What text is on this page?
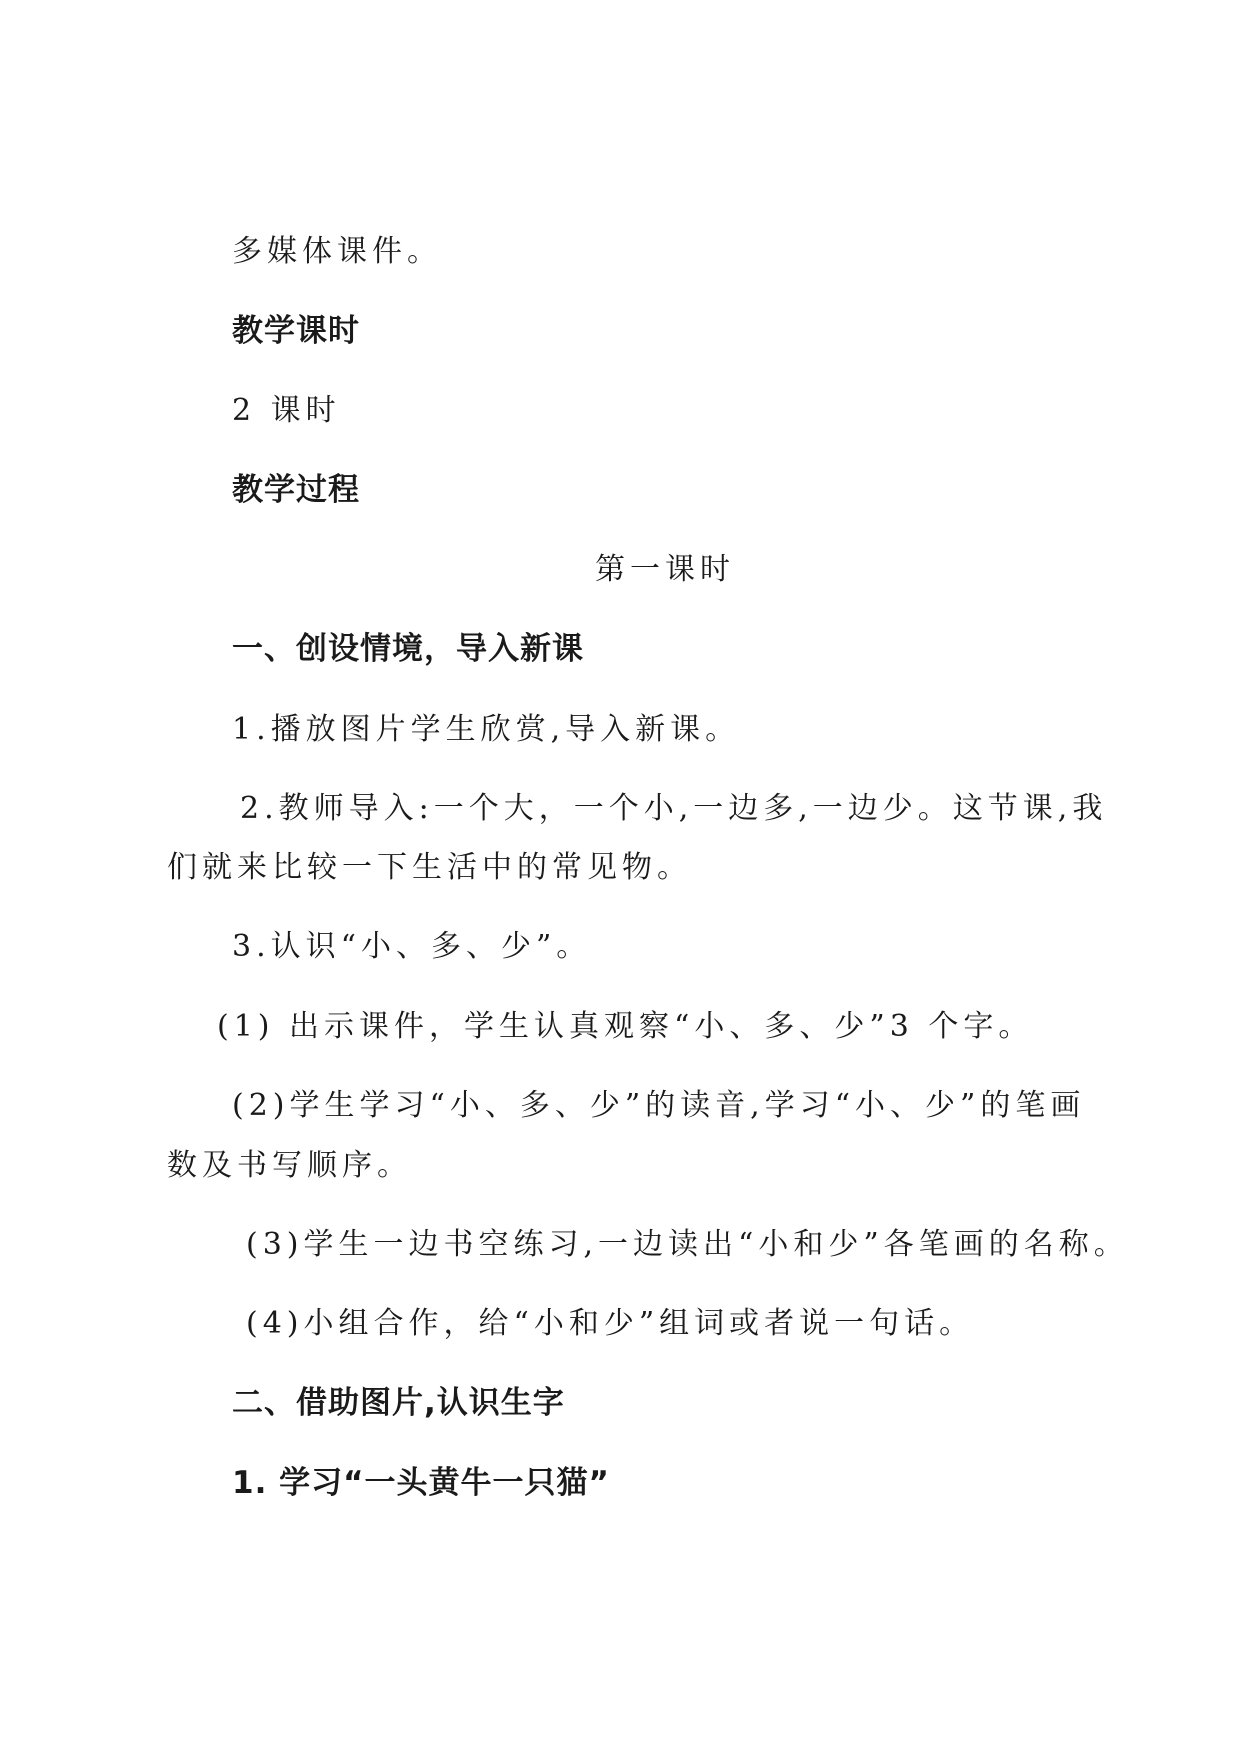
多媒体课件。
教学课时
2 课时
教学过程
第一课时
一、创设情境，导入新课
1.播放图片学生欣赏,导入新课。
2.教师导入:一个大，一个小,一边多,一边少。这节课,我
们就来比较一下生活中的常见物。
3.认识“小、多、少”。
(1) 出示课件，学生认真观察“小、多、少”3 个字。
(2)学生学习“小、多、少”的读音,学习“小、少”的笔画
数及书写顺序。
(3)学生一边书空练习,一边读出“小和少”各笔画的名称。
(4)小组合作，给“小和少”组词或者说一句话。
二、借助图片,认识生字
1. 学习“一头黄牛一只猫”
